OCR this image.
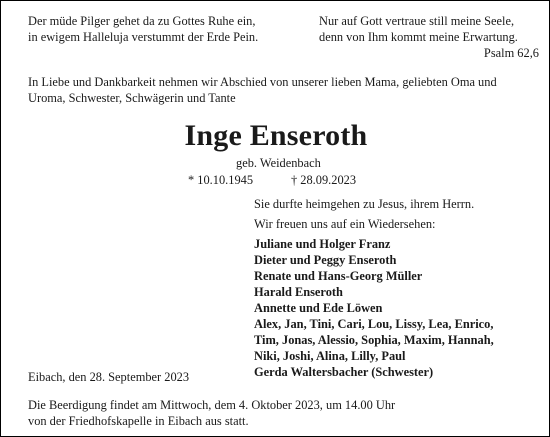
Der müde Pilger gehet da zu Gottes Ruhe ein,

in ewigem Halleluja verstummt der Erde Pein.

Nur auf Gott vertraue still meine Seele,

denn von Ihm kommt meine Erwartung.

Psalm 62,6

In Liebe und Dankbarkeit nehmen wir Abschied von unserer lieben Mama, geliebten Oma und

Uroma, Schwester, Schwägerin und Tante

Inge Enseroth

geb. Weidenbach

* 10.10.1945	† 28.09.2023

Sie durfte heimgehen zu Jesus, ihrem Herrn.

Wir freuen uns auf ein Wiedersehen:

Juliane und Holger Franz

Dieter und Peggy Enseroth

Renate und Hans-Georg Müller

Harald Enseroth

Annette und Ede Löwen

Alex, Jan, Tini, Cari, Lou, Lissy, Lea, Enrico,

Tim, Jonas, Alessio, Sophia, Maxim, Hannah,

Niki, Joshi, Alina, Lilly, Paul

Gerda Waltersbacher (Schwester)

Eibach, den 28. September 2023

Die Beerdigung findet am Mittwoch, dem 4. Oktober 2023, um 14.00 Uhr

von der Friedhofskapelle in Eibach aus statt.
